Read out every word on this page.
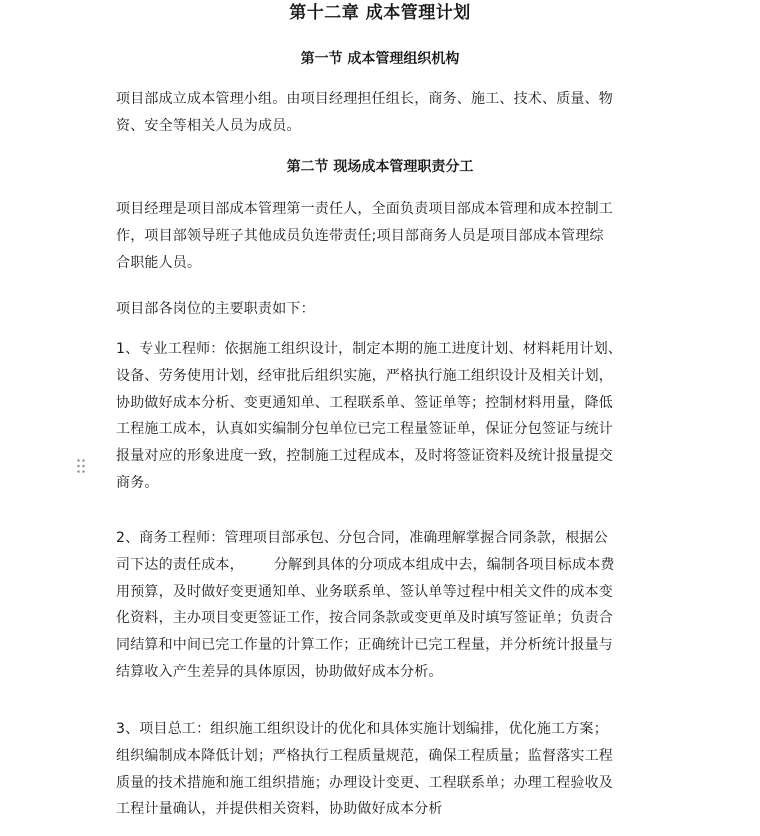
第十二章 成本管理计划
第一节 成本管理组织机构

项目部成立成本管理小组。由项目经理担任组长，商务、施工、技术、质量、物
资、安全等相关人员为成员。

第二节 现场成本管理职责分工

项目经理是项目部成本管理第一责任人，全面负责项目部成本管理和成本控制工
作，项目部领导班子其他成员负连带责任;项目部商务人员是项目部成本管理综
合职能人员。

项目部各岗位的主要职责如下：

1、专业工程师：依据施工组织设计，制定本期的施工进度计划、材料耗用计划、
设备、劳务使用计划，经审批后组织实施，严格执行施工组织设计及相关计划，
协助做好成本分析、变更通知单、工程联系单、签证单等；控制材料用量，降低
工程施工成本，认真如实编制分包单位已完工程量签证单，保证分包签证与统计
报量对应的形象进度一致，控制施工过程成本，及时将签证资料及统计报量提交
商务。

2、商务工程师：管理项目部承包、分包合同，准确理解掌握合同条款，根据公
司下达的责任成本， 分解到具体的分项成本组成中去，编制各项目标成本费
用预算，及时做好变更通知单、业务联系单、签认单等过程中相关文件的成本变
化资料，主办项目变更签证工作，按合同条款或变更单及时填写签证单；负责合
同结算和中间已完工作量的计算工作；正确统计已完工程量，并分析统计报量与
结算收入产生差异的具体原因，协助做好成本分析。

3、项目总工：组织施工组织设计的优化和具体实施计划编排，优化施工方案；
组织编制成本降低计划；严格执行工程质量规范，确保工程质量；监督落实工程
质量的技术措施和施工组织措施；办理设计变更、工程联系单；办理工程验收及
工程计量确认，并提供相关资料，协助做好成本分析
